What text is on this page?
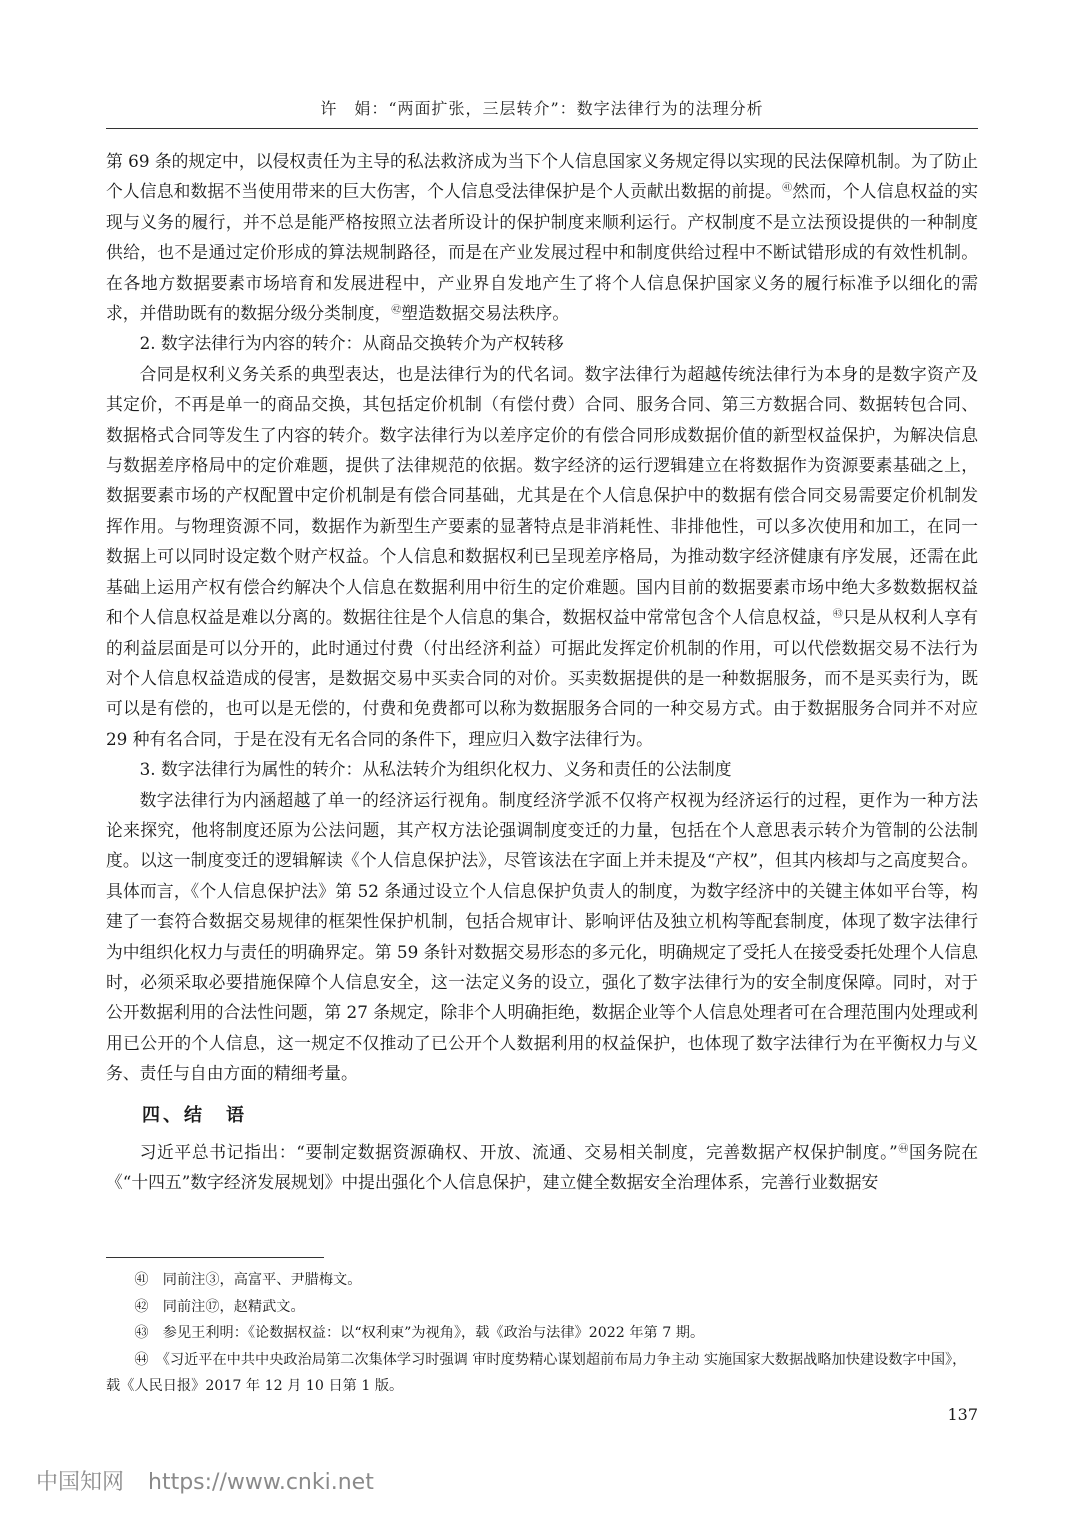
许　娟：“两面扩张，三层转介”：数字法律行为的法理分析

第 69 条的规定中，以侵权责任为主导的私法救济成为当下个人信息国家义务规定得以实现的民法保障机制。为了防止个人信息和数据不当使用带来的巨大伤害，个人信息受法律保护是个人贡献出数据的前提。$^㊶$然而，个人信息权益的实现与义务的履行，并不总是能严格按照立法者所设计的保护制度来顺利运行。产权制度不是立法预设提供的一种制度供给，也不是通过定价形成的算法规制路径，而是在产业发展过程中和制度供给过程中不断试错形成的有效性机制。在各地方数据要素市场培育和发展进程中，产业界自发地产生了将个人信息保护国家义务的履行标准予以细化的需求，并借助既有的数据分级分类制度，$^㊷$塑造数据交易法秩序。

2. 数字法律行为内容的转介：从商品交换转介为产权转移

合同是权利义务关系的典型表达，也是法律行为的代名词。数字法律行为超越传统法律行为本身的是数字资产及其定价，不再是单一的商品交换，其包括定价机制（有偿付费）合同、服务合同、第三方数据合同、数据转包合同、数据格式合同等发生了内容的转介。数字法律行为以差序定价的有偿合同形成数据价值的新型权益保护，为解决信息与数据差序格局中的定价难题，提供了法律规范的依据。数字经济的运行逻辑建立在将数据作为资源要素基础之上，数据要素市场的产权配置中定价机制是有偿合同基础，尤其是在个人信息保护中的数据有偿合同交易需要定价机制发挥作用。与物理资源不同，数据作为新型生产要素的显著特点是非消耗性、非排他性，可以多次使用和加工，在同一数据上可以同时设定数个财产权益。个人信息和数据权利已呈现差序格局，为推动数字经济健康有序发展，还需在此基础上运用产权有偿合约解决个人信息在数据利用中衍生的定价难题。国内目前的数据要素市场中绝大多数数据权益和个人信息权益是难以分离的。数据往往是个人信息的集合，数据权益中常常包含个人信息权益，$^㊸$只是从权利人享有的利益层面是可以分开的，此时通过付费（付出经济利益）可据此发挥定价机制的作用，可以代偿数据交易不法行为对个人信息权益造成的侵害，是数据交易中买卖合同的对价。买卖数据提供的是一种数据服务，而不是买卖行为，既可以是有偿的，也可以是无偿的，付费和免费都可以称为数据服务合同的一种交易方式。由于数据服务合同并不对应 29 种有名合同，于是在没有无名合同的条件下，理应归入数字法律行为。

3. 数字法律行为属性的转介：从私法转介为组织化权力、义务和责任的公法制度

数字法律行为内涵超越了单一的经济运行视角。制度经济学派不仅将产权视为经济运行的过程，更作为一种方法论来探究，他将制度还原为公法问题，其产权方法论强调制度变迁的力量，包括在个人意思表示转介为管制的公法制度。以这一制度变迁的逻辑解读《个人信息保护法》，尽管该法在字面上并未提及“产权”，但其内核却与之高度契合。具体而言，《个人信息保护法》第 52 条通过设立个人信息保护负责人的制度，为数字经济中的关键主体如平台等，构建了一套符合数据交易规律的框架性保护机制，包括合规审计、影响评估及独立机构等配套制度，体现了数字法律行为中组织化权力与责任的明确界定。第 59 条针对数据交易形态的多元化，明确规定了受托人在接受委托处理个人信息时，必须采取必要措施保障个人信息安全，这一法定义务的设立，强化了数字法律行为的安全制度保障。同时，对于公开数据利用的合法性问题，第 27 条规定，除非个人明确拒绝，数据企业等个人信息处理者可在合理范围内处理或利用已公开的个人信息，这一规定不仅推动了已公开个人数据利用的权益保护，也体现了数字法律行为在平衡权力与义务、责任与自由方面的精细考量。

四、结　语

习近平总书记指出：“要制定数据资源确权、开放、流通、交易相关制度，完善数据产权保护制度。”$^㊹$国务院在《“十四五”数字经济发展规划》中提出强化个人信息保护，建立健全数据安全治理体系，完善行业数据安

㊶　 同前注③，高富平、尹腊梅文。

㊷　 同前注⑰，赵精武文。

㊸　 参见王利明：《论数据权益：以“权利束”为视角》，载《政治与法律》2022 年第 7 期。

㊹　 《习近平在中共中央政治局第二次集体学习时强调 审时度势精心谋划超前布局力争主动 实施国家大数据战略加快建设数字中国》，载《人民日报》2017 年 12 月 10 日第 1 版。

137
中国知网 https://www.cnki.net
